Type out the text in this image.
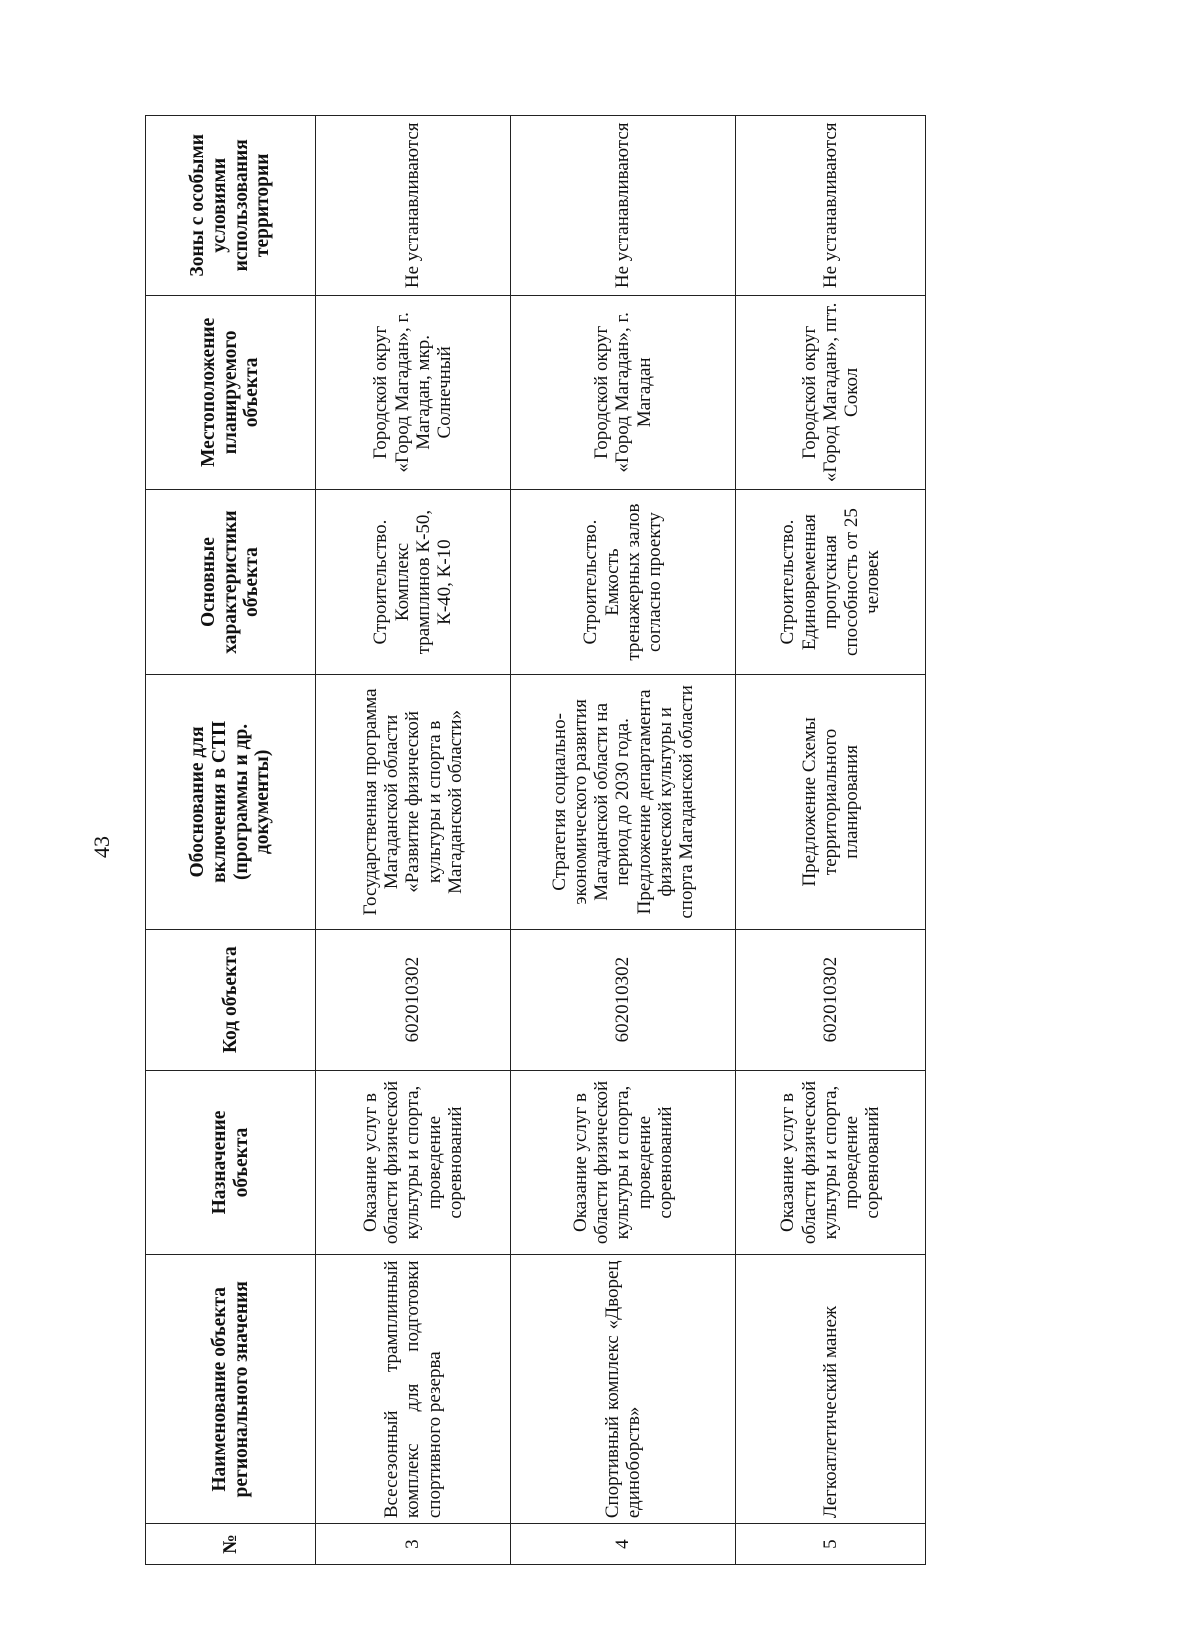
43
№	Наименование объекта регионального значения	Назначение объекта	Код объекта	Обоснование для включения в СТП (программы и др. документы)	Основные характеристики объекта	Местоположение планируемого объекта	Зоны с особыми условиями использования территории
3	Всесезонный трамплинный комплекс для подготовки спортивного резерва	Оказание услуг в области физической культуры и спорта, проведение соревнований	602010302	Государственная программа Магаданской области «Развитие физической культуры и спорта в Магаданской области»	Строительство. Комплекс трамплинов К-50, К-40, К-10	Городской округ «Город Магадан», г. Магадан, мкр. Солнечный	Не устанавливаются
4	Спортивный комплекс «Дворец единоборств»	Оказание услуг в области физической культуры и спорта, проведение соревнований	602010302	Стратегия социально-экономического развития Магаданской области на период до 2030 года. Предложение департамента физической культуры и спорта Магаданской области	Строительство. Емкость тренажерных залов согласно проекту	Городской округ «Город Магадан», г. Магадан	Не устанавливаются
5	Легкоатлетический манеж	Оказание услуг в области физической культуры и спорта, проведение соревнований	602010302	Предложение Схемы территориального планирования	Строительство. Единовременная пропускная способность от 25 человек	Городской округ «Город Магадан», пгт. Сокол	Не устанавливаются
